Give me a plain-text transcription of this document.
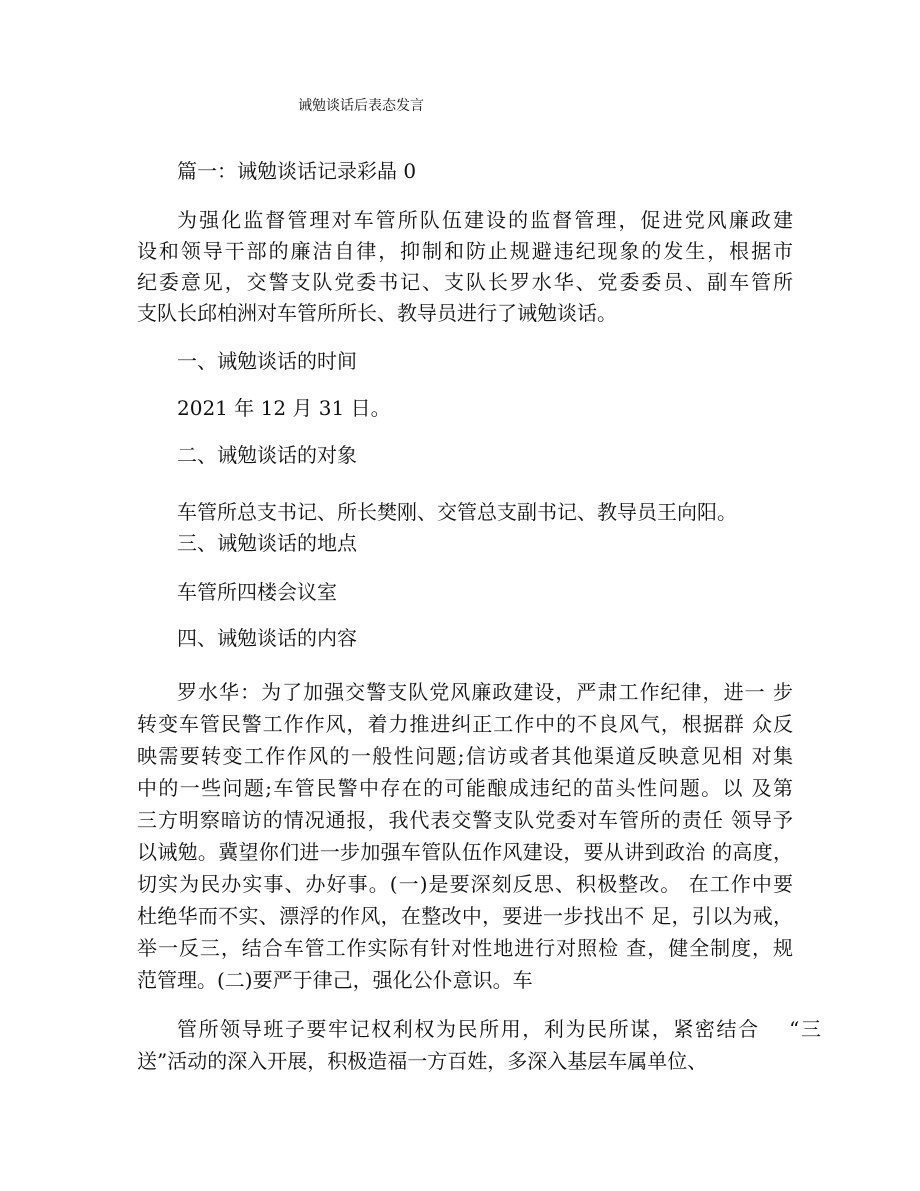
诫勉谈话后表态发言
篇一：诫勉谈话记录彩晶 0
为强化监督管理对车管所队伍建设的监督管理，促进党风廉政建
设和领导干部的廉洁自律，抑制和防止规避违纪现象的发生，根据市
纪委意见，交警支队党委书记、支队长罗水华、党委委员、副车管所
支队长邱柏洲对车管所所长、教导员进行了诫勉谈话。
一、诫勉谈话的时间
2021 年 12 月 31 日。
二、诫勉谈话的对象
车管所总支书记、所长樊刚、交管总支副书记、教导员王向阳。
三、诫勉谈话的地点
车管所四楼会议室
四、诫勉谈话的内容
罗水华：为了加强交警支队党风廉政建设，严肃工作纪律，进一 步
转变车管民警工作作风，着力推进纠正工作中的不良风气，根据群 众反
映需要转变工作作风的一般性问题;信访或者其他渠道反映意见相 对集
中的一些问题;车管民警中存在的可能酿成违纪的苗头性问题。以 及第
三方明察暗访的情况通报，我代表交警支队党委对车管所的责任 领导予
以诫勉。冀望你们进一步加强车管队伍作风建设，要从讲到政治 的高度，
切实为民办实事、办好事。(一)是要深刻反思、积极整改。 在工作中要
杜绝华而不实、漂浮的作风，在整改中，要进一步找出不 足，引以为戒，
举一反三，结合车管工作实际有针对性地进行对照检 查，健全制度，规
范管理。(二)要严于律己，强化公仆意识。车
管所领导班子要牢记权利权为民所用，利为民所谋，紧密结合　 “三
送”活动的深入开展，积极造福一方百姓，多深入基层车属单位、
